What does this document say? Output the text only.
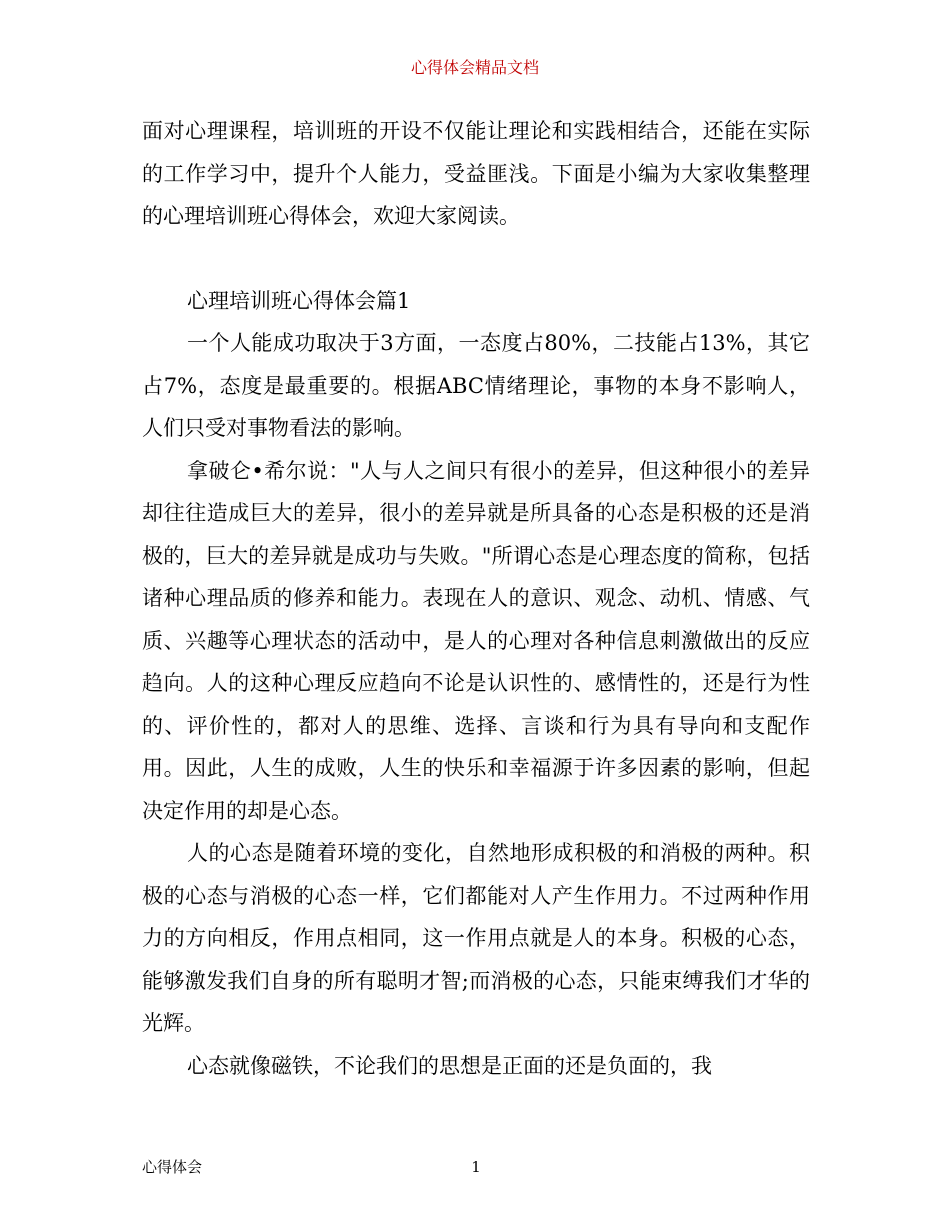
心得体会精品文档

面对心理课程，培训班的开设不仅能让理论和实践相结合，还能在实际的工作学习中，提升个人能力，受益匪浅。下面是小编为大家收集整理的心理培训班心得体会，欢迎大家阅读。

心理培训班心得体会篇1

一个人能成功取决于3方面，一态度占80%，二技能占13%，其它占7%，态度是最重要的。根据ABC情绪理论，事物的本身不影响人，人们只受对事物看法的影响。

拿破仑•希尔说："人与人之间只有很小的差异，但这种很小的差异却往往造成巨大的差异，很小的差异就是所具备的心态是积极的还是消极的，巨大的差异就是成功与失败。"所谓心态是心理态度的简称，包括诸种心理品质的修养和能力。表现在人的意识、观念、动机、情感、气质、兴趣等心理状态的活动中，是人的心理对各种信息刺激做出的反应趋向。人的这种心理反应趋向不论是认识性的、感情性的，还是行为性的、评价性的，都对人的思维、选择、言谈和行为具有导向和支配作用。因此，人生的成败，人生的快乐和幸福源于许多因素的影响，但起决定作用的却是心态。

人的心态是随着环境的变化，自然地形成积极的和消极的两种。积极的心态与消极的心态一样，它们都能对人产生作用力。不过两种作用力的方向相反，作用点相同，这一作用点就是人的本身。积极的心态，能够激发我们自身的所有聪明才智;而消极的心态，只能束缚我们才华的光辉。

心态就像磁铁，不论我们的思想是正面的还是负面的，我

心得体会	1
